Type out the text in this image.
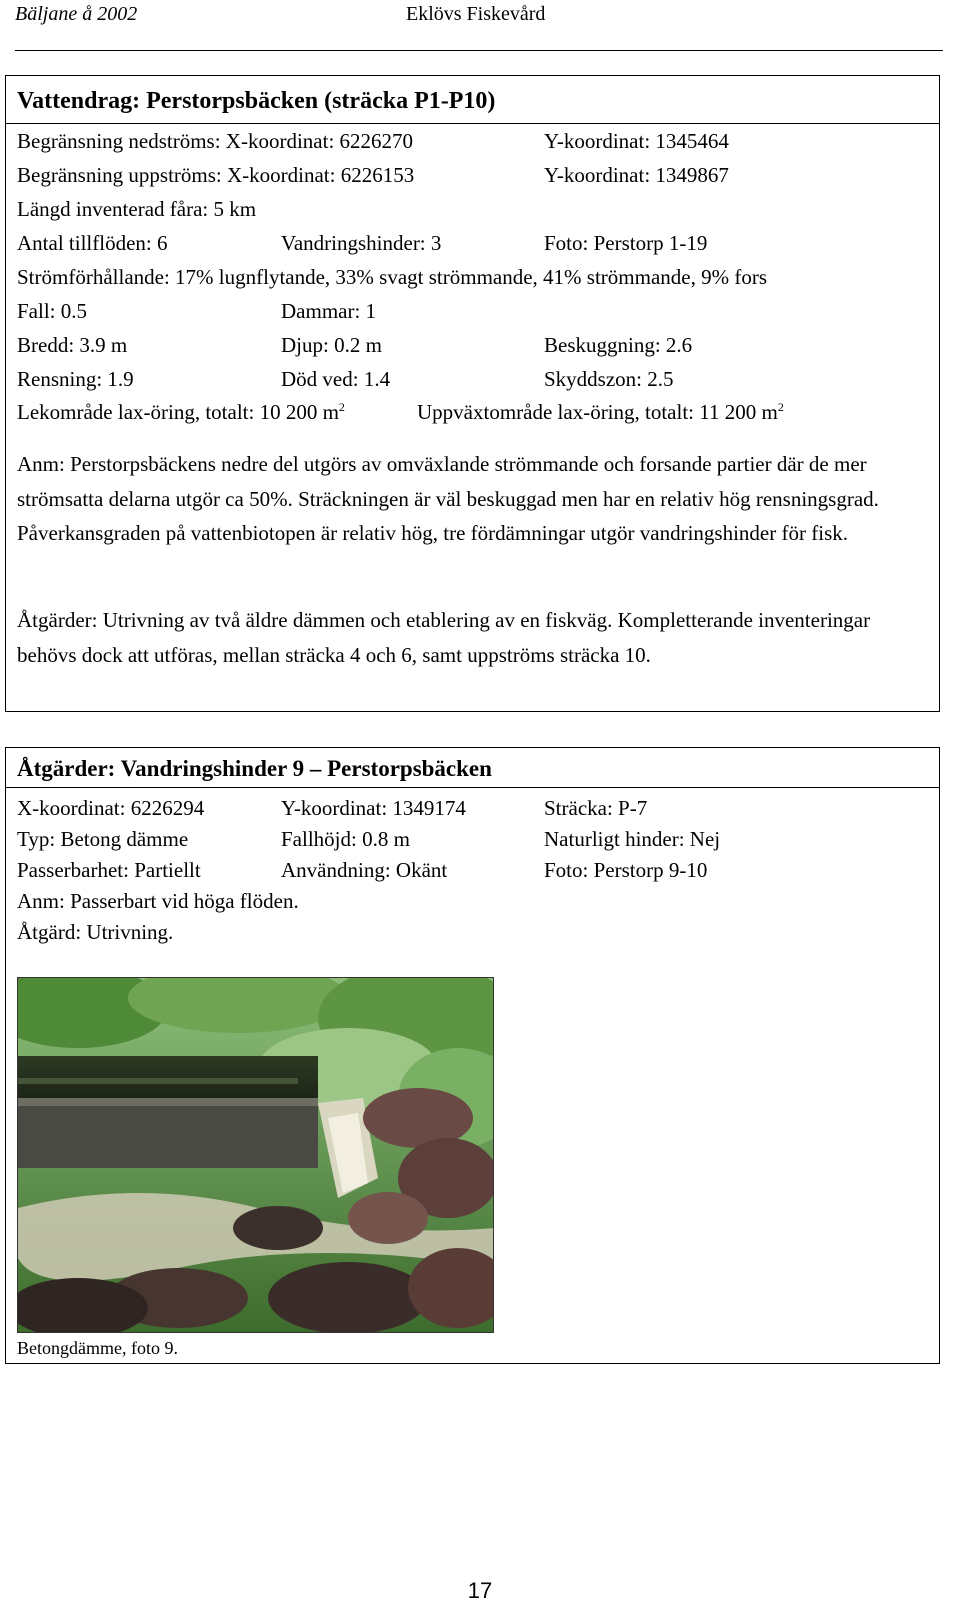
Bäljane å 2002	Eklövs Fiskevård
Vattendrag: Perstorpsbäcken (sträcka P1-P10)
Begränsning nedströms: X-koordinat: 6226270	Y-koordinat: 1345464
Begränsning uppströms: X-koordinat: 6226153	Y-koordinat: 1349867
Längd inventerad fåra: 5 km
Antal tillflöden: 6	Vandringshinder: 3	Foto: Perstorp 1-19
Strömförhållande: 17% lugnflytande, 33% svagt strömmande, 41% strömmande, 9% fors
Fall: 0.5	Dammar: 1
Bredd: 3.9 m	Djup: 0.2 m	Beskuggning: 2.6
Rensning: 1.9	Död ved: 1.4	Skyddszon: 2.5
Lekområde lax-öring, totalt: 10 200 $m^2$	Uppväxtområde lax-öring, totalt: 11 200 $m^2$
Anm: Perstorpsbäckens nedre del utgörs av omväxlande strömmande och forsande partier där de mer strömsatta delarna utgör ca 50%. Sträckningen är väl beskuggad men har en relativ hög rensningsgrad. Påverkansgraden på vattenbiotopen är relativ hög, tre fördämningar utgör vandringshinder för fisk.
Åtgärder: Utrivning av två äldre dämmen och etablering av en fiskväg. Kompletterande inventeringar behövs dock att utföras, mellan sträcka 4 och 6, samt uppströms sträcka 10.
Åtgärder: Vandringshinder 9 – Perstorpsbäcken
X-koordinat: 6226294	Y-koordinat: 1349174	Sträcka: P-7
Typ: Betong dämme	Fallhöjd: 0.8 m	Naturligt hinder: Nej
Passerbarhet: Partiellt	Användning: Okänt	Foto: Perstorp 9-10
Anm: Passerbart vid höga flöden.
Åtgärd: Utrivning.
Betongdämme, foto 9.
17
